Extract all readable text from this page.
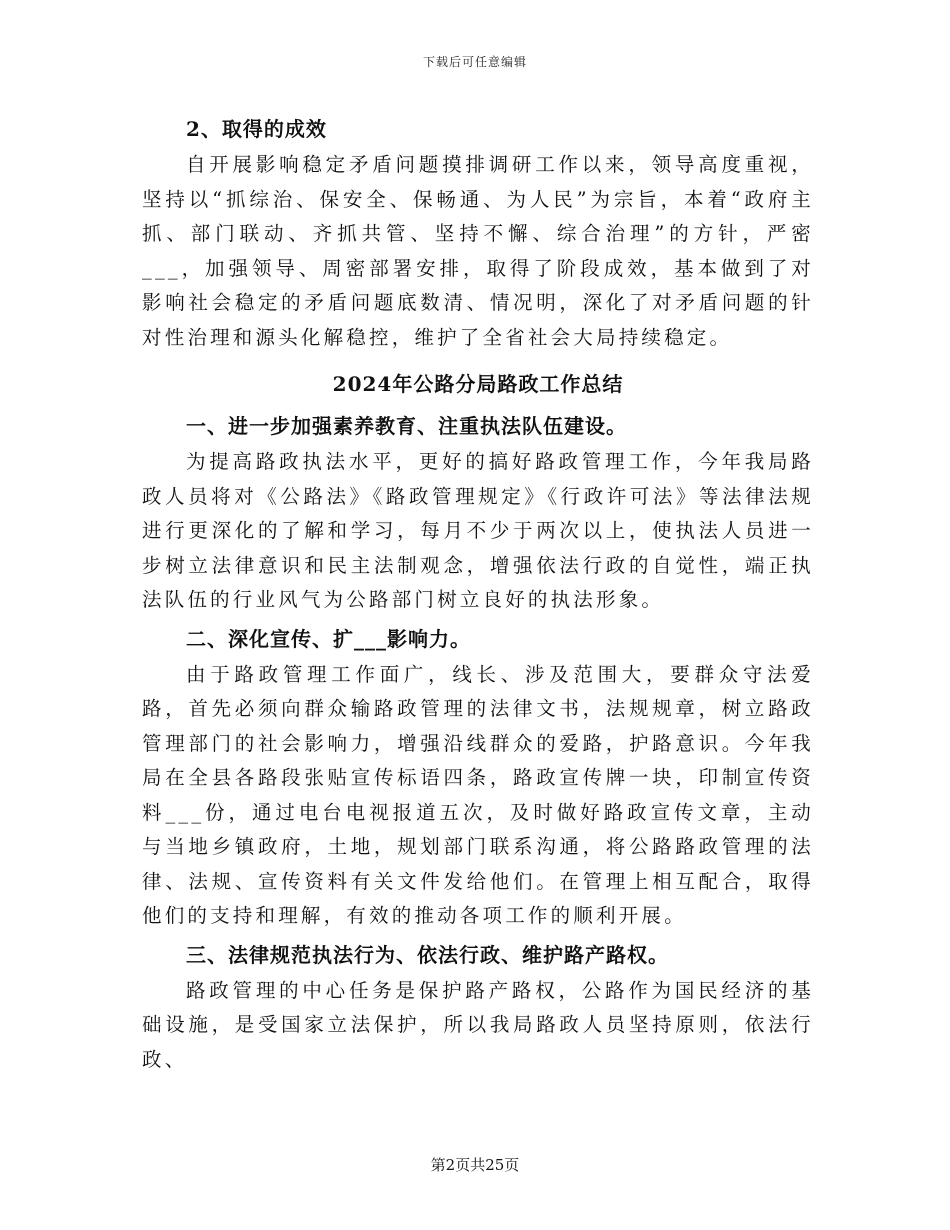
下载后可任意编辑
2、取得的成效

自开展影响稳定矛盾问题摸排调研工作以来，领导高度重视，坚持以“抓综治、保安全、保畅通、为人民”为宗旨，本着“政府主抓、部门联动、齐抓共管、坚持不懈、综合治理”的方针，严密___，加强领导、周密部署安排，取得了阶段成效，基本做到了对影响社会稳定的矛盾问题底数清、情况明，深化了对矛盾问题的针对性治理和源头化解稳控，维护了全省社会大局持续稳定。

2024年公路分局路政工作总结
一、进一步加强素养教育、注重执法队伍建设。

为提高路政执法水平，更好的搞好路政管理工作，今年我局路政人员将对《公路法》《路政管理规定》《行政许可法》等法律法规进行更深化的了解和学习，每月不少于两次以上，使执法人员进一步树立法律意识和民主法制观念，增强依法行政的自觉性，端正执法队伍的行业风气为公路部门树立良好的执法形象。

二、深化宣传、扩___影响力。

由于路政管理工作面广，线长、涉及范围大，要群众守法爱路，首先必须向群众输路政管理的法律文书，法规规章，树立路政管理部门的社会影响力，增强沿线群众的爱路，护路意识。今年我局在全县各路段张贴宣传标语四条，路政宣传牌一块，印制宣传资料___份，通过电台电视报道五次，及时做好路政宣传文章，主动与当地乡镇政府，土地，规划部门联系沟通，将公路路政管理的法律、法规、宣传资料有关文件发给他们。在管理上相互配合，取得他们的支持和理解，有效的推动各项工作的顺利开展。

三、法律规范执法行为、依法行政、维护路产路权。

路政管理的中心任务是保护路产路权，公路作为国民经济的基础设施，是受国家立法保护，所以我局路政人员坚持原则，依法行政、

第2页共25页
